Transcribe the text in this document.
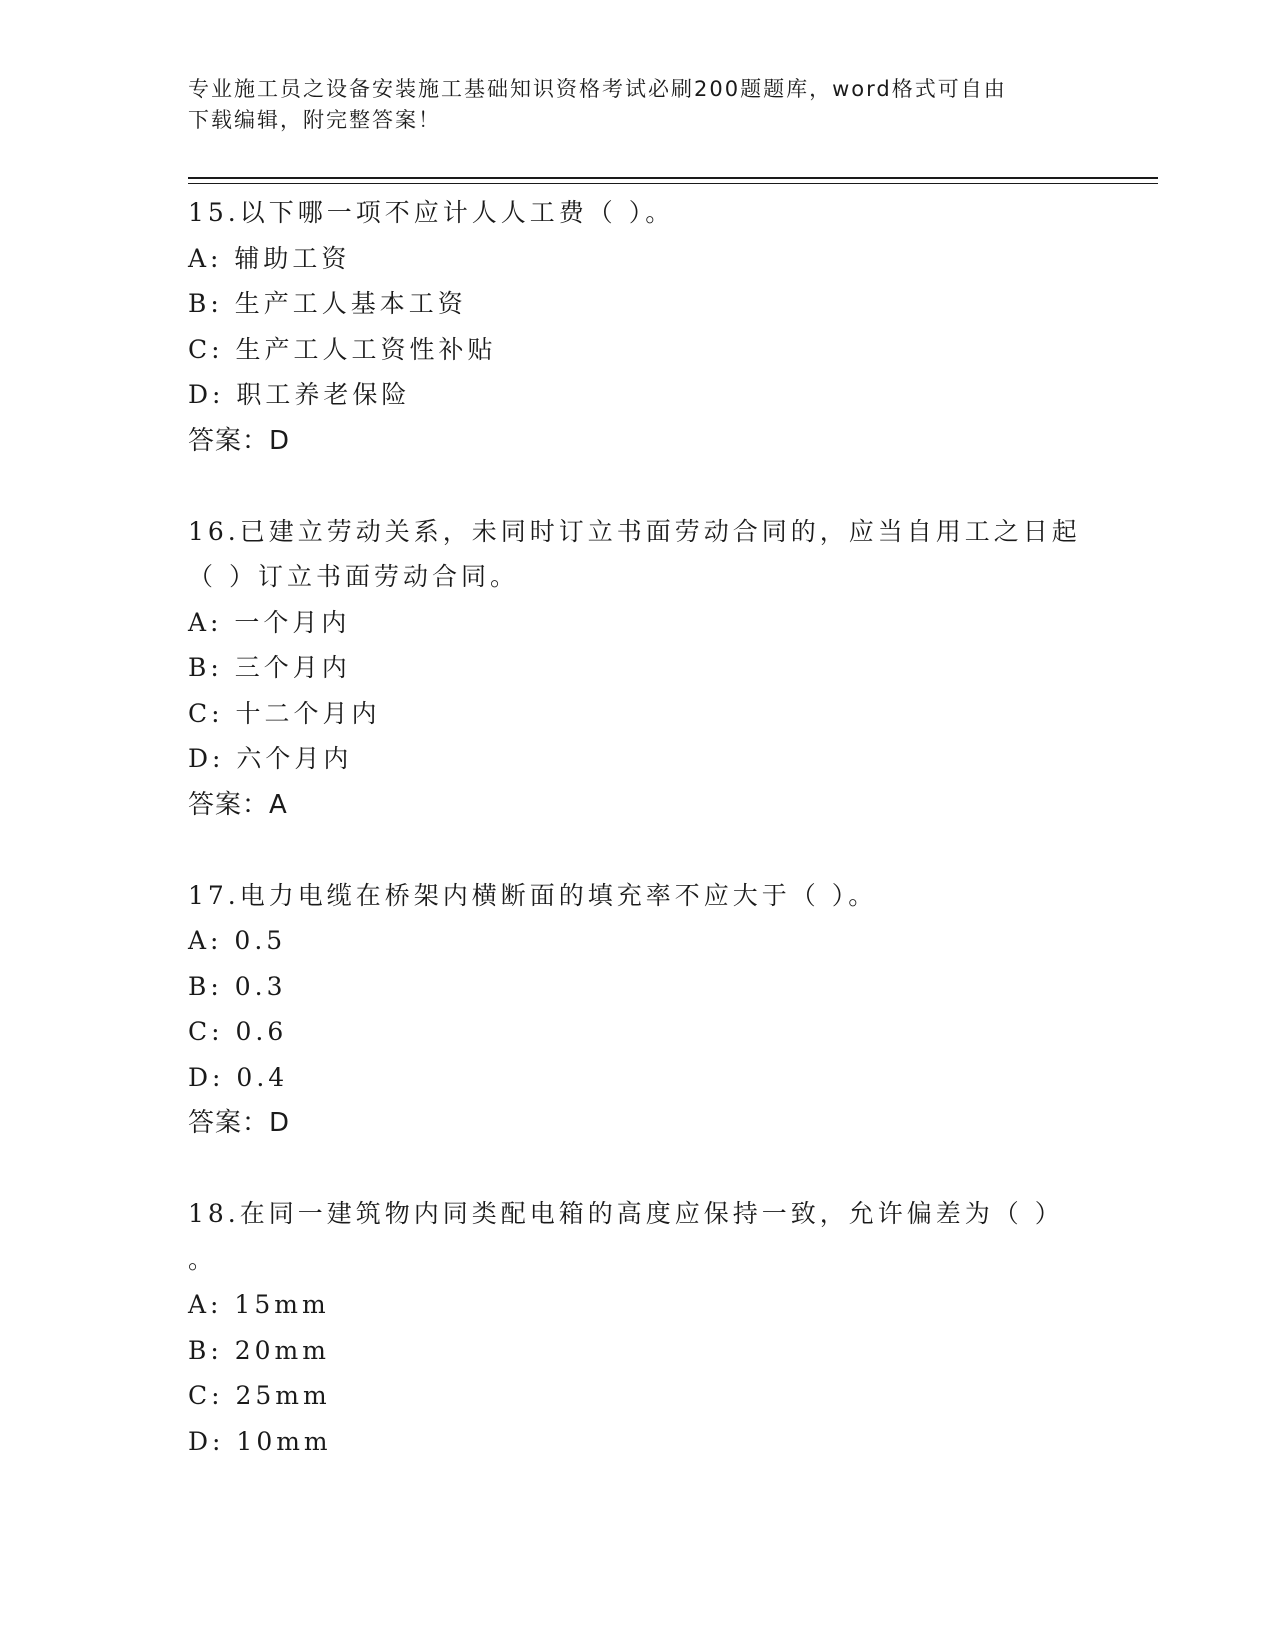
专业施工员之设备安装施工基础知识资格考试必刷200题题库，word格式可自由
下载编辑，附完整答案！

15.以下哪一项不应计人人工费（ ）。

A: 辅助工资

B: 生产工人基本工资

C: 生产工人工资性补贴

D: 职工养老保险

答案：D

16.已建立劳动关系，未同时订立书面劳动合同的，应当自用工之日起
（ ）订立书面劳动合同。

A: 一个月内

B: 三个月内

C: 十二个月内

D: 六个月内

答案：A

17.电力电缆在桥架内横断面的填充率不应大于（ ）。

A: 0.5

B: 0.3

C: 0.6

D: 0.4

答案：D

18.在同一建筑物内同类配电箱的高度应保持一致，允许偏差为（ ）
。

A: 15mm

B: 20mm

C: 25mm

D: 10mm
